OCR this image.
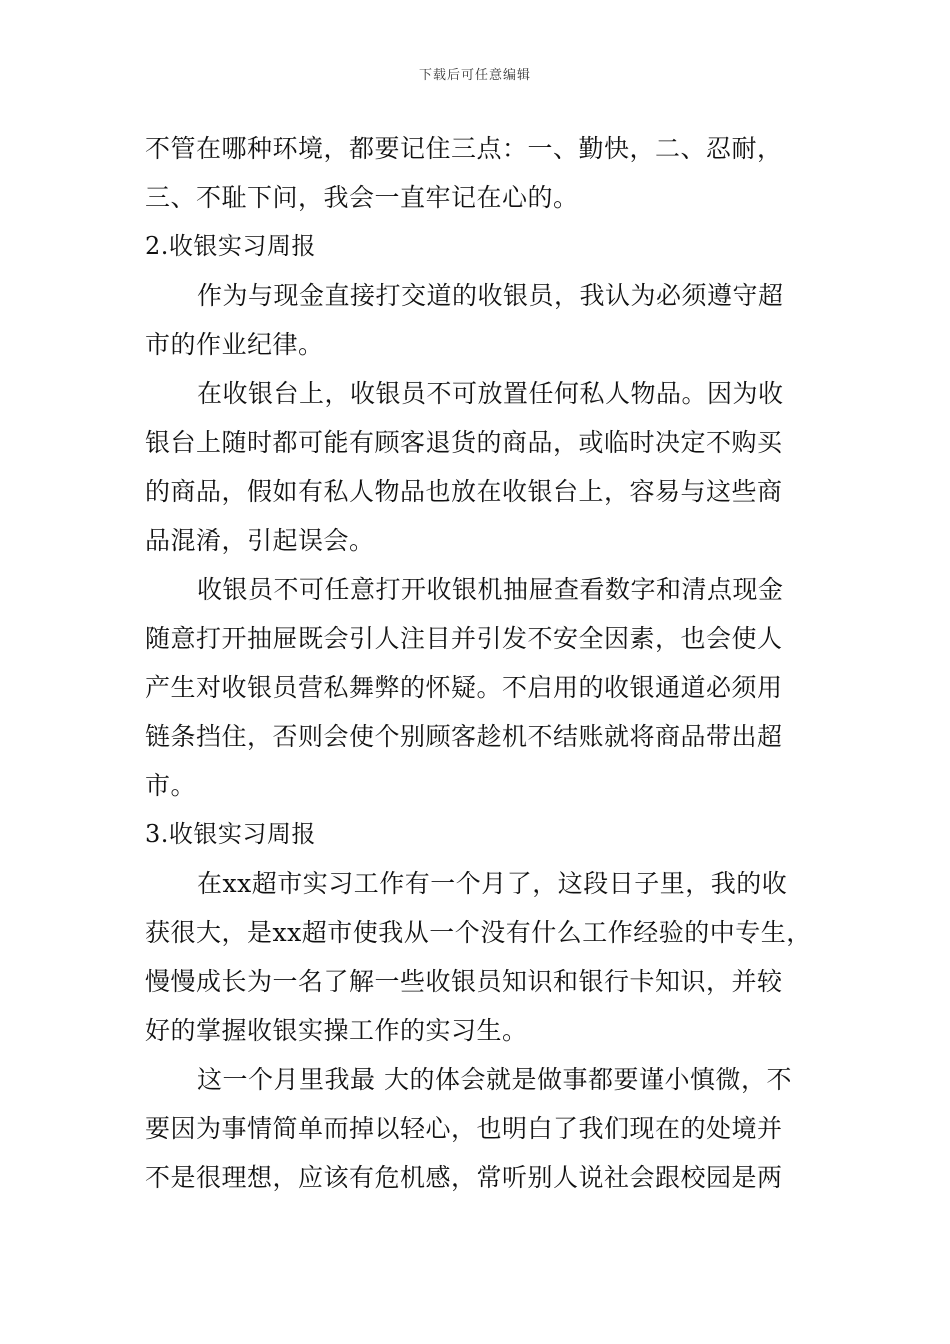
下载后可任意编辑
不管在哪种环境，都要记住三点：一、勤快，二、忍耐，
三、不耻下问，我会一直牢记在心的。
2.收银实习周报
作为与现金直接打交道的收银员，我认为必须遵守超
市的作业纪律。
在收银台上，收银员不可放置任何私人物品。因为收
银台上随时都可能有顾客退货的商品，或临时决定不购买
的商品，假如有私人物品也放在收银台上，容易与这些商
品混淆，引起误会。
收银员不可任意打开收银机抽屉查看数字和清点现金
随意打开抽屉既会引人注目并引发不安全因素，也会使人
产生对收银员营私舞弊的怀疑。不启用的收银通道必须用
链条挡住，否则会使个别顾客趁机不结账就将商品带出超
市。
3.收银实习周报
在xx超市实习工作有一个月了，这段日子里，我的收
获很大，是xx超市使我从一个没有什么工作经验的中专生，
慢慢成长为一名了解一些收银员知识和银行卡知识，并较
好的掌握收银实操工作的实习生。
这一个月里我最 大的体会就是做事都要谨小慎微，不
要因为事情简单而掉以轻心，也明白了我们现在的处境并
不是很理想，应该有危机感，常听别人说社会跟校园是两
